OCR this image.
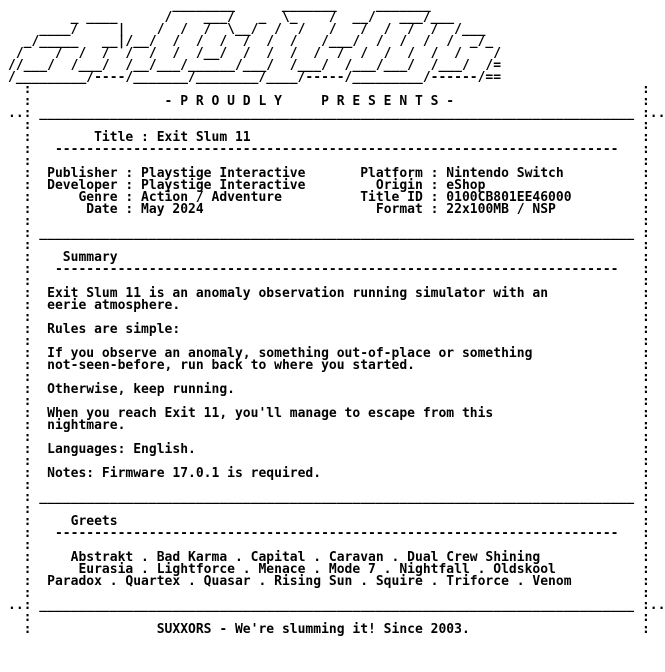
________      _______     _______
_ ____      /    ___/   _  \_    /  __/   ___/___
____/     |    /  /  /  \__/  /  /   /   /  /  /  /  /___
_/_____   __|/__/  /  /  /  /  /  /   /___/  /  /  /  /  _/_
/    /  /  /  /  /  /  /__/  /  /  /  /  /  /  /  /  /  /    /
//___/  /___/  /__/___/______/___/  /___/  /___/___/  /___/  /=
/_________/----/_______/________/____/-----/_________/------/==
:                                                                              :
:                 - P R O U D L Y     P R E S E N T S -                        :
..: ____________________________________________________________________________ :..
:                                                                              :
:        Title : Exit Slum 11                                                  :
:   ------------------------------------------------------------------------   :
:                                                                              :
:  Publisher : Playstige Interactive       Platform : Nintendo Switch          :
:  Developer : Playstige Interactive         Origin : eShop                    :
:      Genre : Action / Adventure          Title ID : 0100CB801EE46000         :
:       Date : May 2024                      Format : 22x100MB / NSP           :
:                                                                              :
: ____________________________________________________________________________ :
:                                                                              :
:    Summary                                                                   :
:   ------------------------------------------------------------------------   :
:                                                                              :
:  Exit Slum 11 is an anomaly observation running simulator with an            :
:  eerie atmosphere.                                                           :
:                                                                              :
:  Rules are simple:                                                           :
:                                                                              :
:  If you observe an anomaly, something out-of-place or something              :
:  not-seen-before, run back to where you started.                             :
:                                                                              :
:  Otherwise, keep running.                                                    :
:                                                                              :
:  When you reach Exit 11, you'll manage to escape from this                   :
:  nightmare.                                                                  :
:                                                                              :
:  Languages: English.                                                         :
:                                                                              :
:  Notes: Firmware 17.0.1 is required.                                         :
:                                                                              :
: ____________________________________________________________________________ :
:                                                                              :
:     Greets                                                                   :
:   ------------------------------------------------------------------------   :
:                                                                              :
:     Abstrakt . Bad Karma . Capital . Caravan . Dual Crew Shining             :
:      Eurasia . Lightforce . Menace . Mode 7 . Nightfall . Oldskool           :
:  Paradox . Quartex . Quasar . Rising Sun . Squire . Triforce . Venom         :
:                                                                              :
..: ____________________________________________________________________________ :..
:                                                                              :
:                SUXXORS - We're slumming it! Since 2003.                      :
